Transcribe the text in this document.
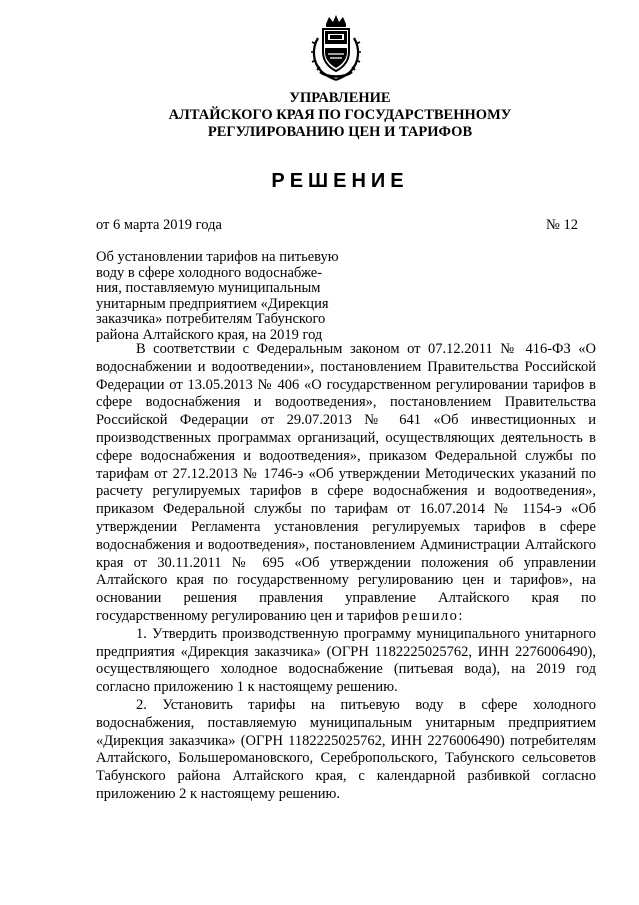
УПРАВЛЕНИЕ
АЛТАЙСКОГО КРАЯ ПО ГОСУДАРСТВЕННОМУ
РЕГУЛИРОВАНИЮ ЦЕН И ТАРИФОВ
РЕШЕНИЕ
от 6 марта 2019 года	№ 12
Об установлении тарифов на питьевую
воду в сфере холодного водоснабже-
ния, поставляемую муниципальным
унитарным предприятием «Дирекция
заказчика» потребителям Табунского
района Алтайского края, на 2019 год

В соответствии с Федеральным законом от 07.12.2011 № 416-ФЗ «О водоснабжении и водоотведении», постановлением Правительства Российской Федерации от 13.05.2013 № 406 «О государственном регулировании тарифов в сфере водоснабжения и водоотведения», постановлением Правительства Российской Федерации от 29.07.2013 № 641 «Об инвестиционных и производственных программах организаций, осуществляющих деятельность в сфере водоснабжения и водоотведения», приказом Федеральной службы по тарифам от 27.12.2013 № 1746-э «Об утверждении Методических указаний по расчету регулируемых тарифов в сфере водоснабжения и водоотведения», приказом Федеральной службы по тарифам от 16.07.2014 № 1154-э «Об утверждении Регламента установления регулируемых тарифов в сфере водоснабжения и водоотведения», постановлением Администрации Алтайского края от 30.11.2011 № 695 «Об утверждении положения об управлении Алтайского края по государственному регулированию цен и тарифов», на основании решения правления управление Алтайского края по государственному регулированию цен и тарифов решило:

1. Утвердить производственную программу муниципального унитарного предприятия «Дирекция заказчика» (ОГРН 1182225025762, ИНН 2276006490), осуществляющего холодное водоснабжение (питьевая вода), на 2019 год согласно приложению 1 к настоящему решению.

2. Установить тарифы на питьевую воду в сфере холодного водоснабжения, поставляемую муниципальным унитарным предприятием «Дирекция заказчика» (ОГРН 1182225025762, ИНН 2276006490) потребителям Алтайского, Большеромановского, Серебропольского, Табунского сельсоветов Табунского района Алтайского края, с календарной разбивкой согласно приложению 2 к настоящему решению.
